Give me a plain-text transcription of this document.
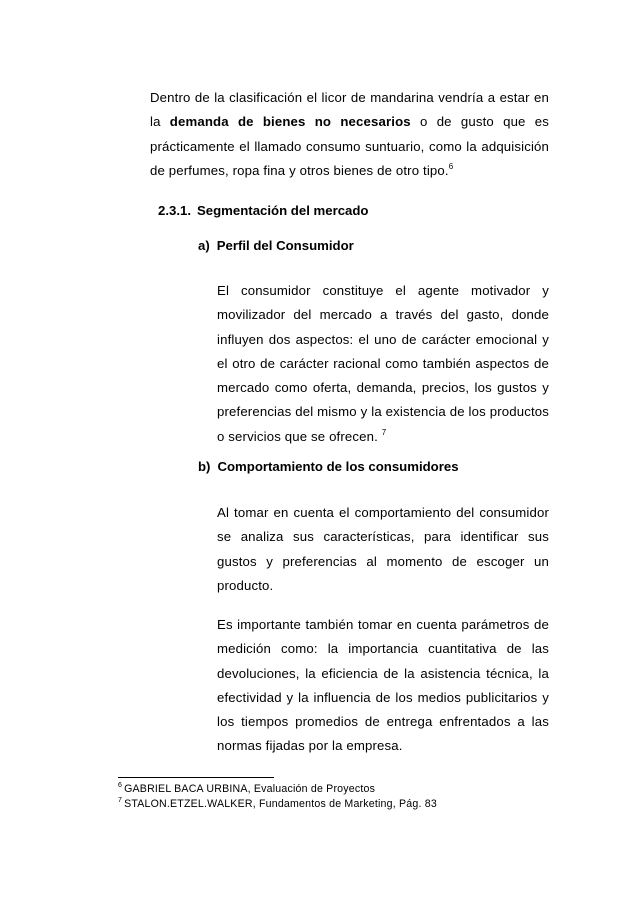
Dentro de la clasificación el licor de mandarina vendría a estar en la demanda de bienes no necesarios o de gusto que es prácticamente el llamado consumo suntuario, como la adquisición de perfumes, ropa fina y otros bienes de otro tipo.$^6$

2.3.1. Segmentación del mercado
a) Perfil del Consumidor

El consumidor constituye el agente motivador y movilizador del mercado a través del gasto, donde influyen dos aspectos: el uno de carácter emocional y el otro de carácter racional como también aspectos de mercado como oferta, demanda, precios, los gustos y preferencias del mismo y la existencia de los productos o servicios que se ofrecen. $^7$

b) Comportamiento de los consumidores

Al tomar en cuenta el comportamiento del consumidor se analiza sus características, para identificar sus gustos y preferencias al momento de escoger un producto.

Es importante también tomar en cuenta parámetros de medición como: la importancia cuantitativa de las devoluciones, la eficiencia de la asistencia técnica, la efectividad y la influencia de los medios publicitarios y los tiempos promedios de entrega enfrentados a las normas fijadas por la empresa.

$^6$ GABRIEL BACA URBINA, Evaluación de Proyectos
$^7$ STALON.ETZEL.WALKER, Fundamentos de Marketing, Pág. 83
